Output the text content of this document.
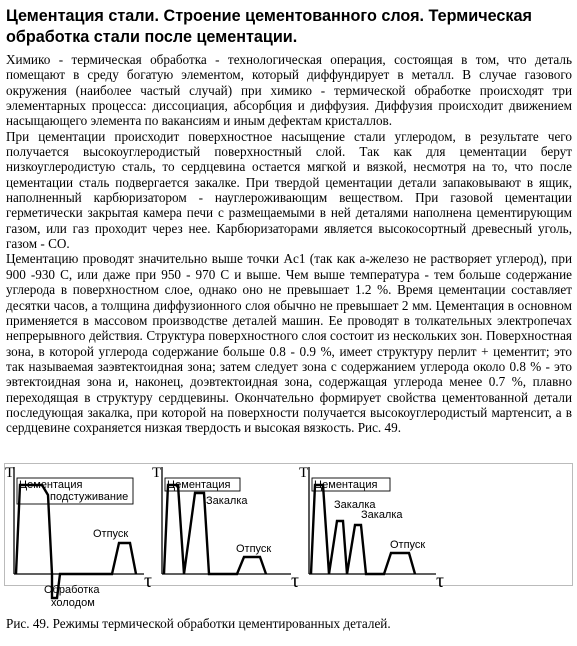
Цементация стали. Строение цементованного слоя. Термическая обработка стали после цементации.

Химико - термическая обработка - технологическая операция, состоящая в том, что деталь помещают в среду богатую элементом, который диффундирует в металл. В случае газового окружения (наиболее частый случай) при химико - термической обработке происходят три элементарных процесса: диссоциация, абсорбция и диффузия. Диффузия происходит движением насыщающего элемента по вакансиям и иным дефектам кристаллов.

При цементации происходит поверхностное насыщение стали углеродом, в результате чего получается высокоуглеродистый поверхностный слой. Так как для цементации берут низкоуглеродистую сталь, то сердцевина остается мягкой и вязкой, несмотря на то, что после цементации сталь подвергается закалке. При твердой цементации детали запаковывают в ящик, наполненный карбюризатором - науглероживающим веществом. При газовой цементации герметически закрытая камера печи с размещаемыми в ней деталями наполнена цементирующим газом, или газ проходит через нее. Карбюризаторами является высокосортный древесный уголь, газом - СО.

Цементацию проводят значительно выше точки Ac1 (так как а-железо не растворяет углерод), при 900 -930 С, или даже при 950 - 970 С и выше. Чем выше температура - тем больше содержание углерода в поверхностном слое, однако оно не превышает 1.2 %. Время цементации составляет десятки часов, а толщина диффузионного слоя обычно не превышает 2 мм. Цементация в основном применяется в массовом производстве деталей машин. Ее проводят в толкательных электропечах непрерывного действия. Структура поверхностного слоя состоит из нескольких зон. Поверхностная зона, в которой углерода содержание больше 0.8 - 0.9 %, имеет структуру перлит + цементит; это так называемая заэвтектоидная зона; затем следует зона с содержанием углерода около 0.8 % - это эвтектоидная зона и, наконец, доэвтектоидная зона, содержащая углерода менее 0.7 %, плавно переходящая в структуру сердцевины. Окончательно формирует свойства цементованной детали последующая закалка, при которой на поверхности получается высокоуглеродистый мартенсит, а в сердцевине сохраняется низкая твердость и высокая вязкость. Рис. 49.

T
τ
Цементация
подстуживание
Отпуск
Обработка
холодом
T
τ
Цементация
Закалка
Отпуск
T
τ
Цементация
Закалка
Закалка
Отпуск

Рис. 49. Режимы термической обработки цементированных деталей.
